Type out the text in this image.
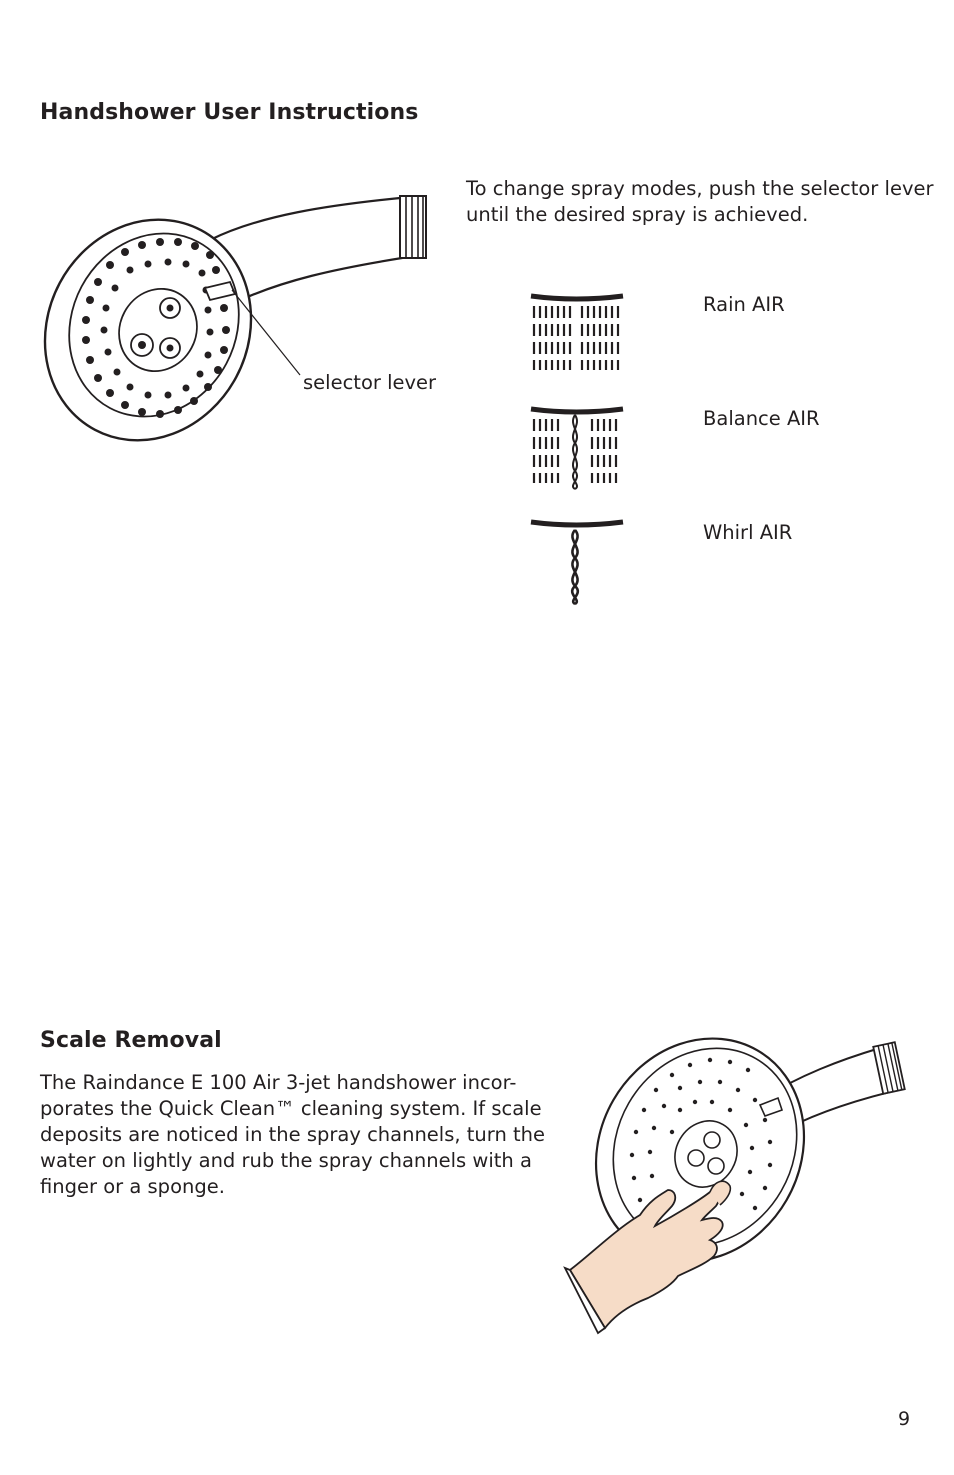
Handshower User Instructions
selector lever
To change spray modes, push the selector lever
until the desired spray is achieved.
Rain AIR
Balance AIR
Whirl AIR
Scale Removal
The Raindance E 100 Air 3-jet handshower incor-
porates the Quick Clean™ cleaning system. If scale
deposits are noticed in the spray channels, turn the
water on lightly and rub the spray channels with a
finger or a sponge.
9
